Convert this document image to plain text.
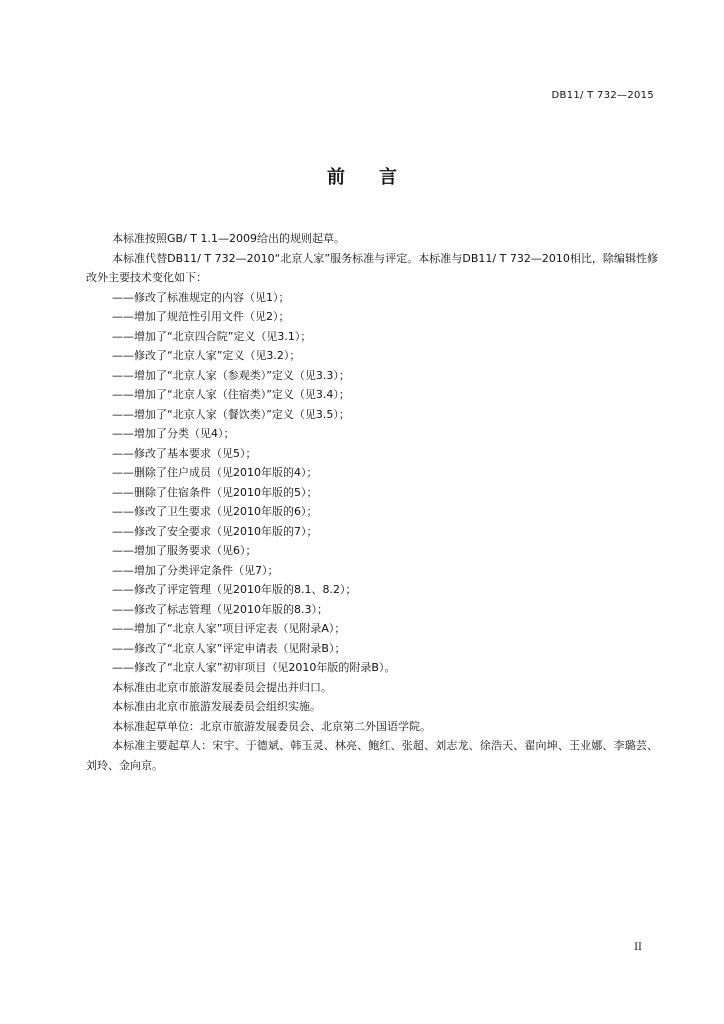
DB11/ T 732—2015
前言

本标准按照GB/ T 1.1—2009给出的规则起草。

本标准代替DB11/ T 732—2010“北京人家”服务标准与评定。本标准与DB11/ T 732—2010相比，除编辑性修改外主要技术变化如下：

——修改了标准规定的内容（见1）；

——增加了规范性引用文件（见2）；

——增加了“北京四合院”定义（见3.1）；

——修改了“北京人家”定义（见3.2）；

——增加了“北京人家（参观类）”定义（见3.3）；

——增加了“北京人家（住宿类）”定义（见3.4）；

——增加了“北京人家（餐饮类）”定义（见3.5）；

——增加了分类（见4）；

——修改了基本要求（见5）；

——删除了住户成员（见2010年版的4）；

——删除了住宿条件（见2010年版的5）；

——修改了卫生要求（见2010年版的6）；

——修改了安全要求（见2010年版的7）；

——增加了服务要求（见6）；

——增加了分类评定条件（见7）；

——修改了评定管理（见2010年版的8.1、8.2）；

——修改了标志管理（见2010年版的8.3）；

——增加了“北京人家”项目评定表（见附录A）；

——修改了“北京人家”评定申请表（见附录B）；

——修改了“北京人家”初审项目（见2010年版的附录B）。

本标准由北京市旅游发展委员会提出并归口。

本标准由北京市旅游发展委员会组织实施。

本标准起草单位：北京市旅游发展委员会、北京第二外国语学院。

本标准主要起草人：宋宇、于德斌、韩玉灵、林亮、鲍红、张超、刘志龙、徐浩天、翟向坤、王业娜、李璐芸、刘玲、金向京。

II
